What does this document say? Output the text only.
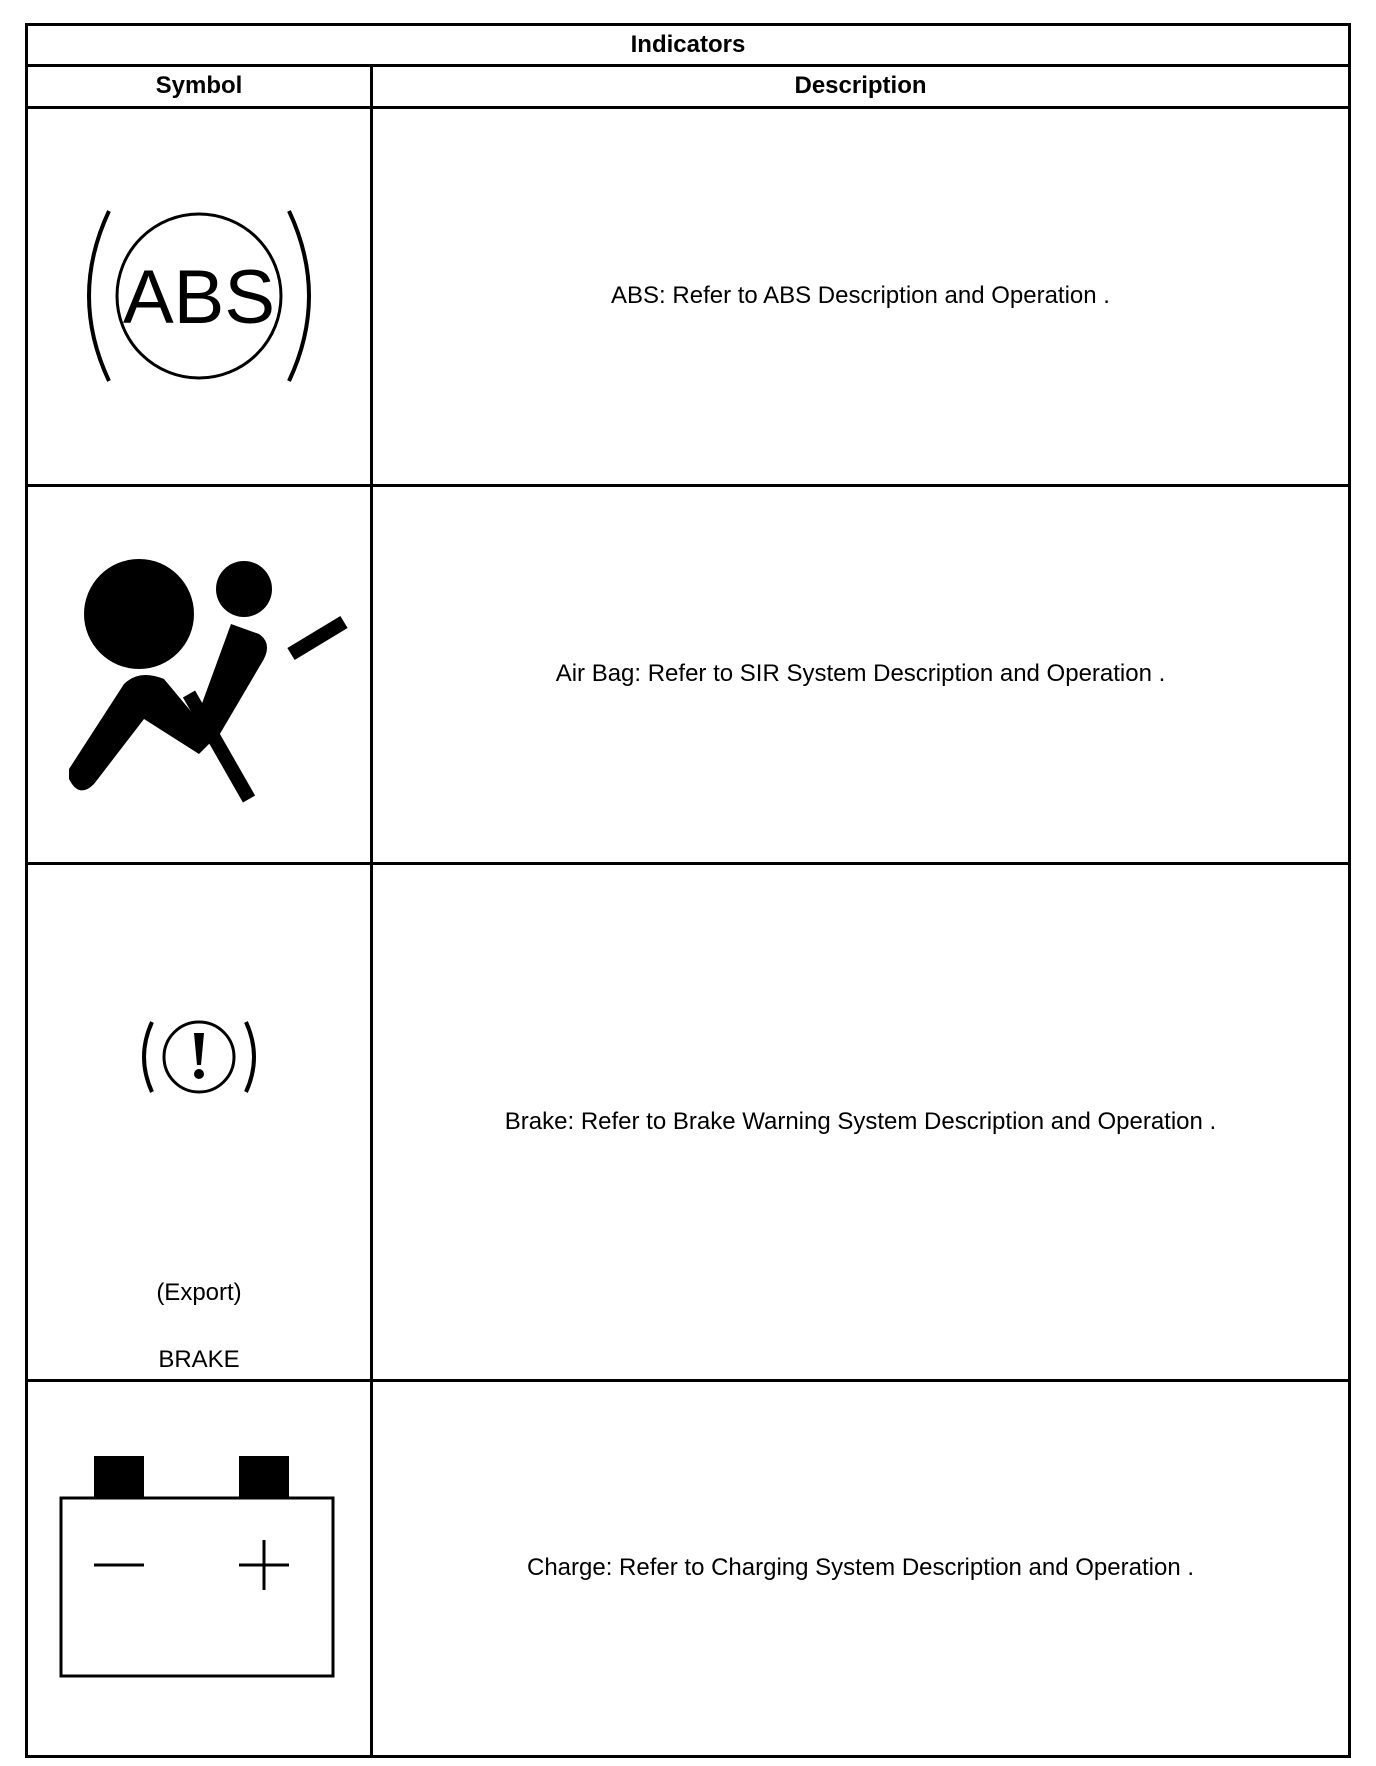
Indicators	
Symbol	Description

ABS	ABS: Refer to ABS Description and Operation .

	Air Bag: Refer to SIR System Description and Operation .

(Export)
BRAKE	Brake: Refer to Brake Warning System Description and Operation .

	Charge: Refer to Charging System Description and Operation .
